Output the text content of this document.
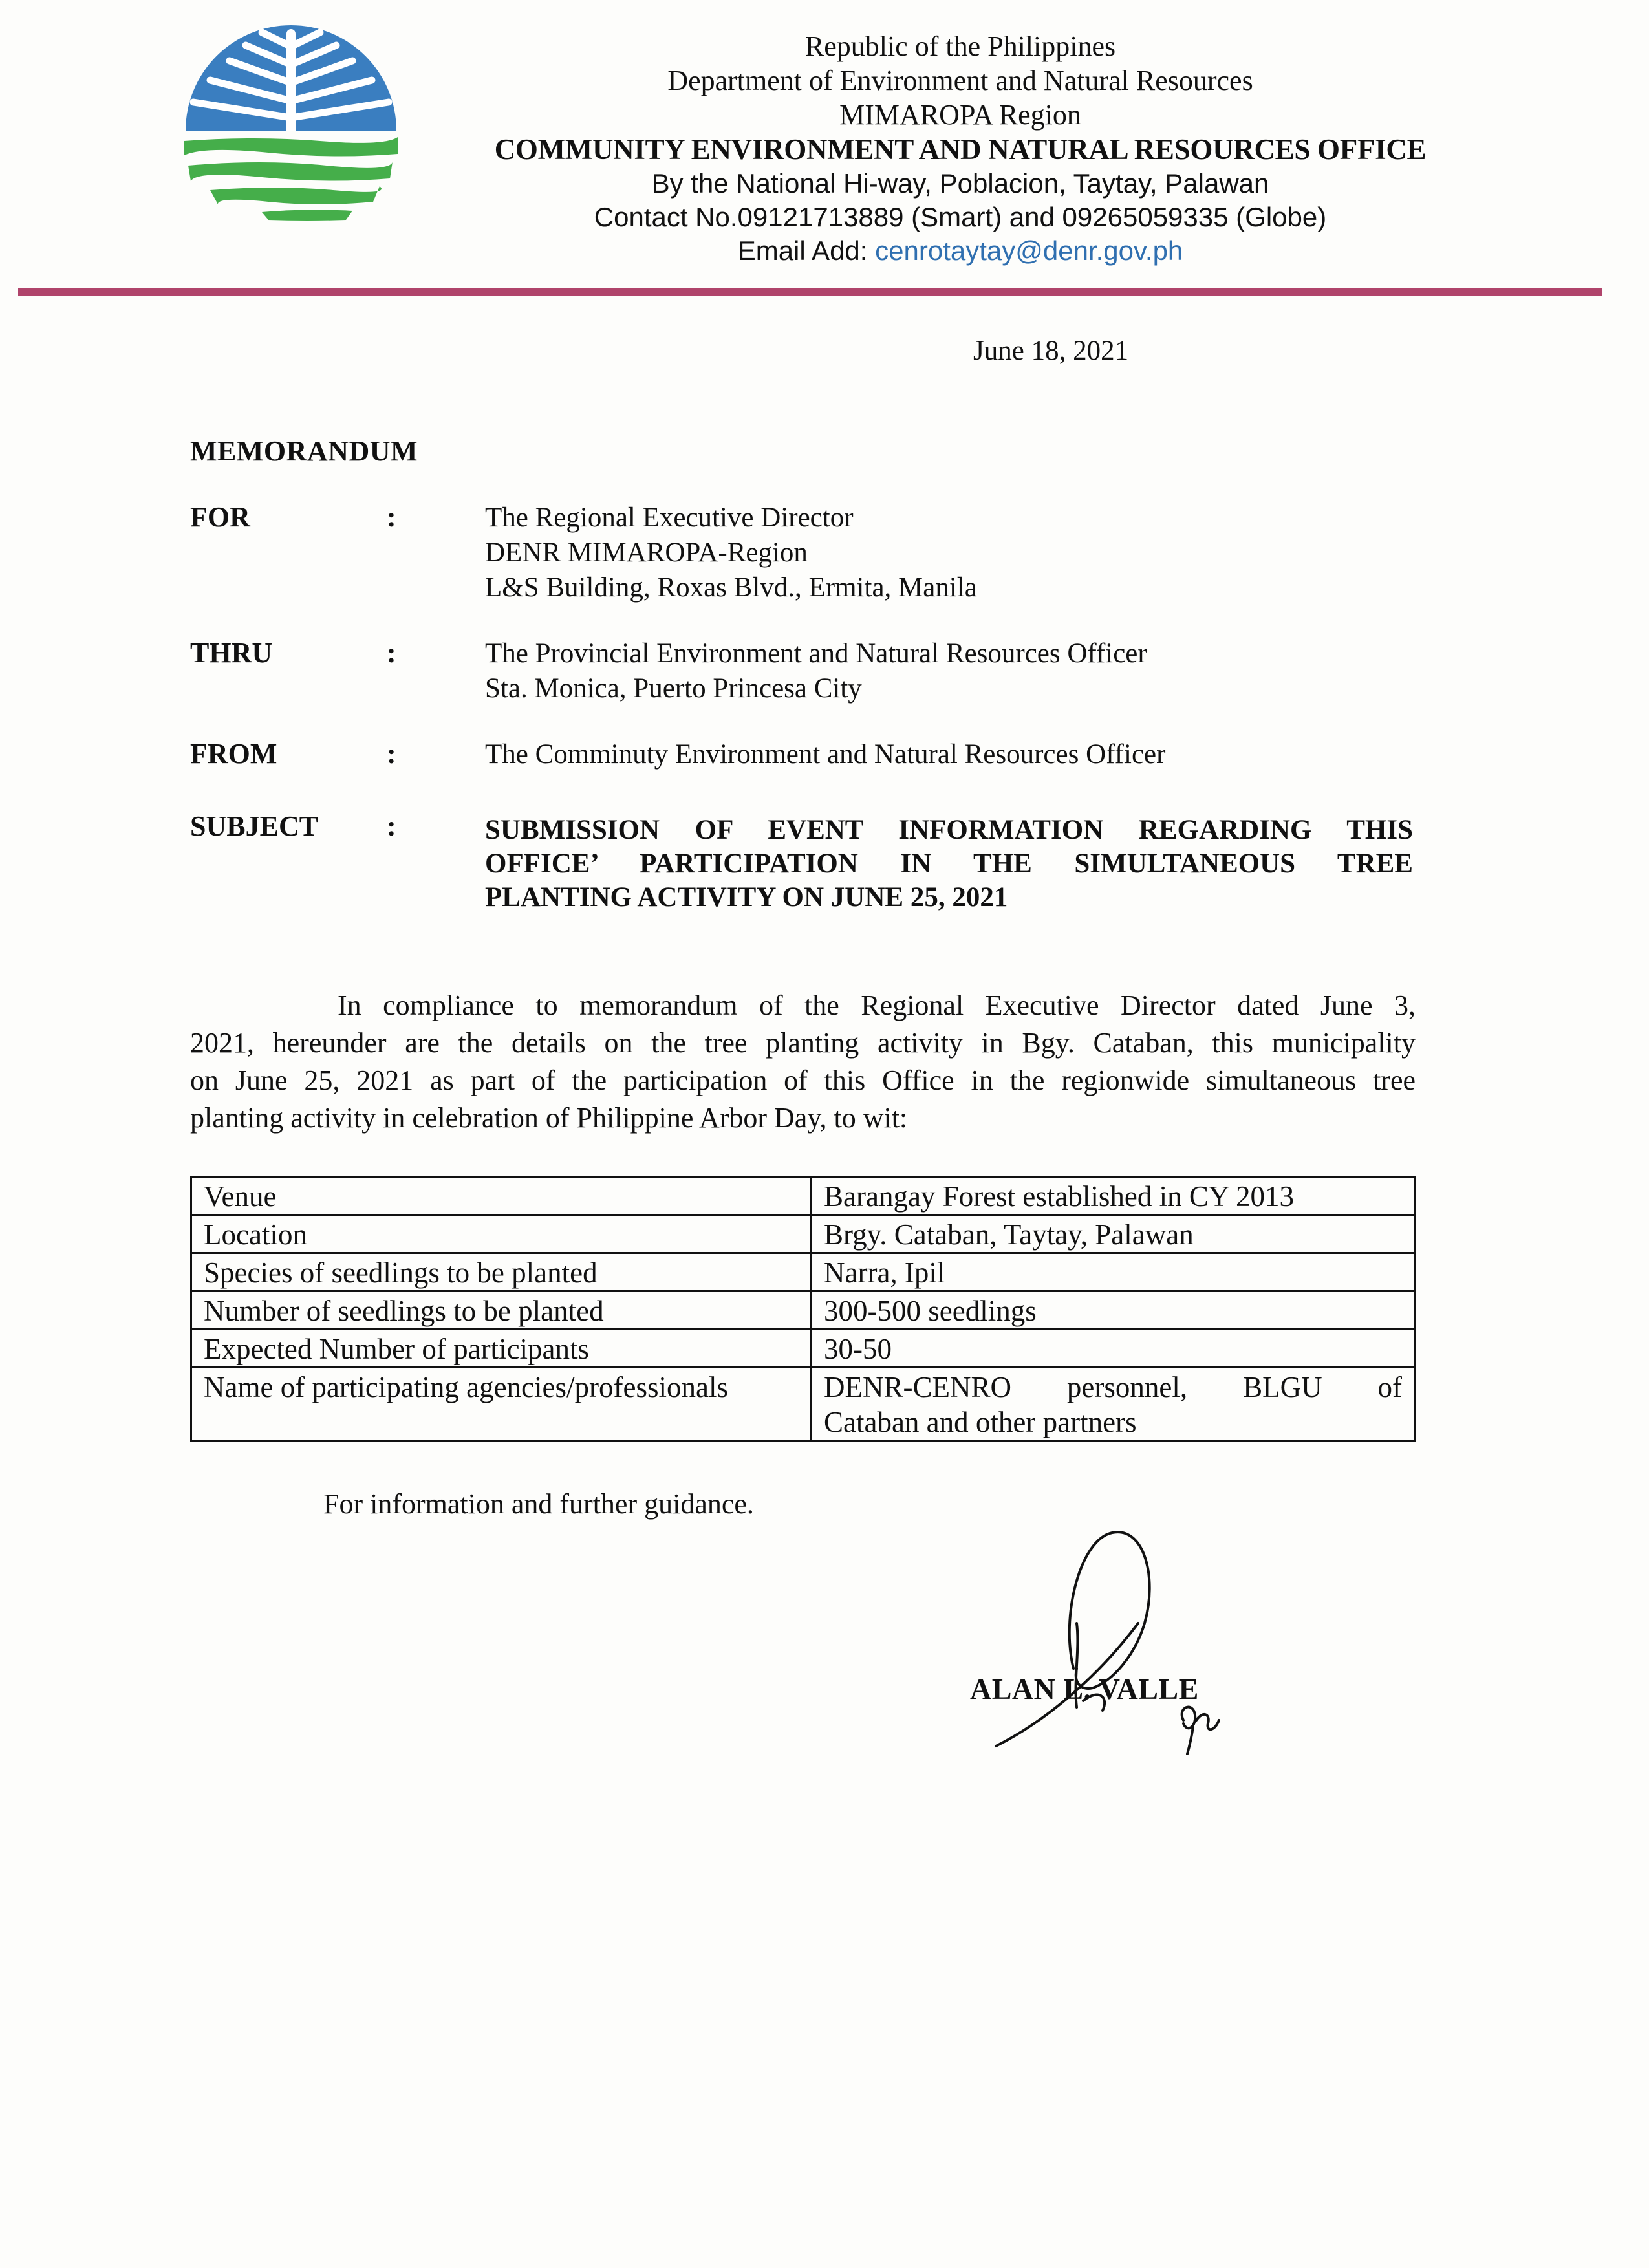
Republic of the Philippines
Department of Environment and Natural Resources
MIMAROPA Region
COMMUNITY ENVIRONMENT AND NATURAL RESOURCES OFFICE
By the National Hi-way, Poblacion, Taytay, Palawan
Contact No.09121713889 (Smart) and 09265059335 (Globe)
Email Add: cenrotaytay@denr.gov.ph
June 18, 2021
MEMORANDUM
FOR	:	The Regional Executive Director
DENR MIMAROPA-Region
L&S Building, Roxas Blvd., Ermita, Manila
THRU	:	The Provincial Environment and Natural Resources Officer
Sta. Monica, Puerto Princesa City
FROM	:	The Comminuty Environment and Natural Resources Officer
SUBJECT :	SUBMISSION OF EVENT INFORMATION REGARDING THIS
OFFICE’ PARTICIPATION IN THE SIMULTANEOUS TREE
PLANTING ACTIVITY ON JUNE 25, 2021
In compliance to memorandum of the Regional Executive Director dated June 3,
2021, hereunder are the details on the tree planting activity in Bgy. Cataban, this municipality
on June 25, 2021 as part of the participation of this Office in the regionwide simultaneous tree
planting activity in celebration of Philippine Arbor Day, to wit:
Venue	Barangay Forest established in CY 2013
Location	Brgy. Cataban, Taytay, Palawan
Species of seedlings to be planted	Narra, Ipil
Number of seedlings to be planted	300-500 seedlings
Expected Number of participants	30-50
Name of participating agencies/professionals	DENR-CENRO personnel, BLGU of
Cataban and other partners
For information and further guidance.
ALAN L. VALLE
